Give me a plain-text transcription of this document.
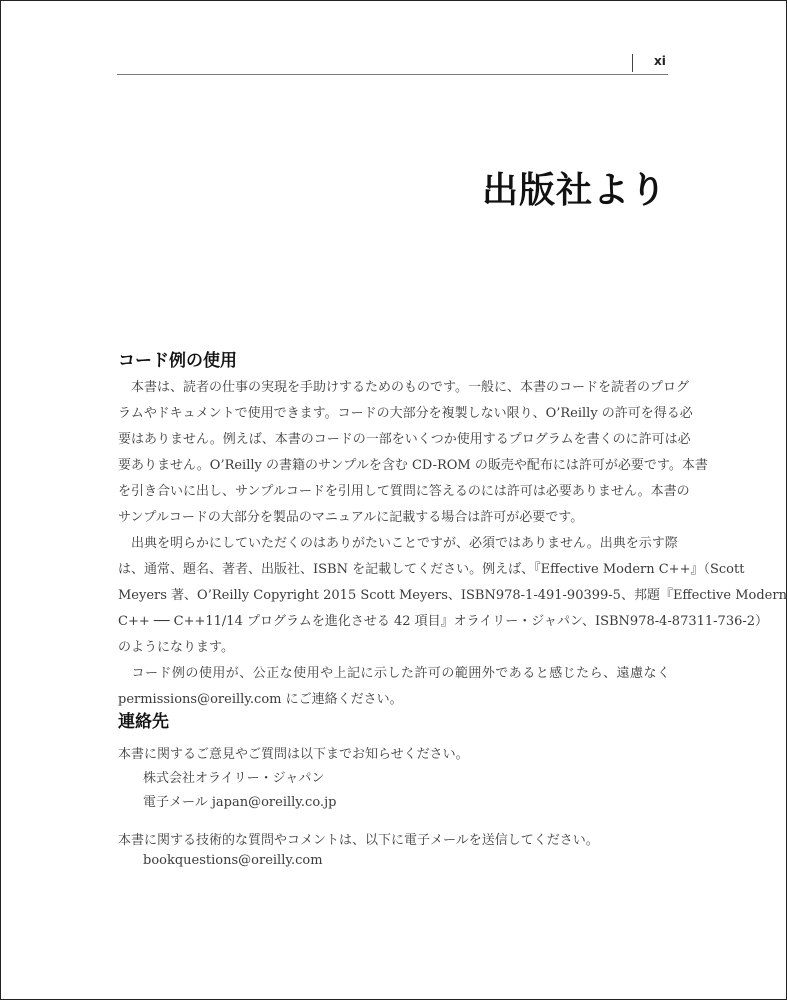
xi
出版社より
コード例の使用
　本書は、読者の仕事の実現を手助けするためのものです。一般に、本書のコードを読者のプログ
ラムやドキュメントで使用できます。コードの大部分を複製しない限り、O’Reilly の許可を得る必
要はありません。例えば、本書のコードの一部をいくつか使用するプログラムを書くのに許可は必
要ありません。O’Reilly の書籍のサンプルを含む CD-ROM の販売や配布には許可が必要です。本書
を引き合いに出し、サンプルコードを引用して質問に答えるのには許可は必要ありません。本書の
サンプルコードの大部分を製品のマニュアルに記載する場合は許可が必要です。
　出典を明らかにしていただくのはありがたいことですが、必須ではありません。出典を示す際
は、通常、題名、著者、出版社、ISBN を記載してください。例えば、『Effective Modern C++』（Scott
Meyers 著、O’Reilly Copyright 2015 Scott Meyers、ISBN978-1-491-90399-5、邦題『Effective Modern
C++ ── C++11/14 プログラムを進化させる 42 項目』オライリー・ジャパン、ISBN978-4-87311-736-2）
のようになります。
　コード例の使用が、公正な使用や上記に示した許可の範囲外であると感じたら、遠慮なく
permissions@oreilly.com にご連絡ください。
連絡先
本書に関するご意見やご質問は以下までお知らせください。
株式会社オライリー・ジャパン
電子メール japan@oreilly.co.jp
本書に関する技術的な質問やコメントは、以下に電子メールを送信してください。
bookquestions@oreilly.com
